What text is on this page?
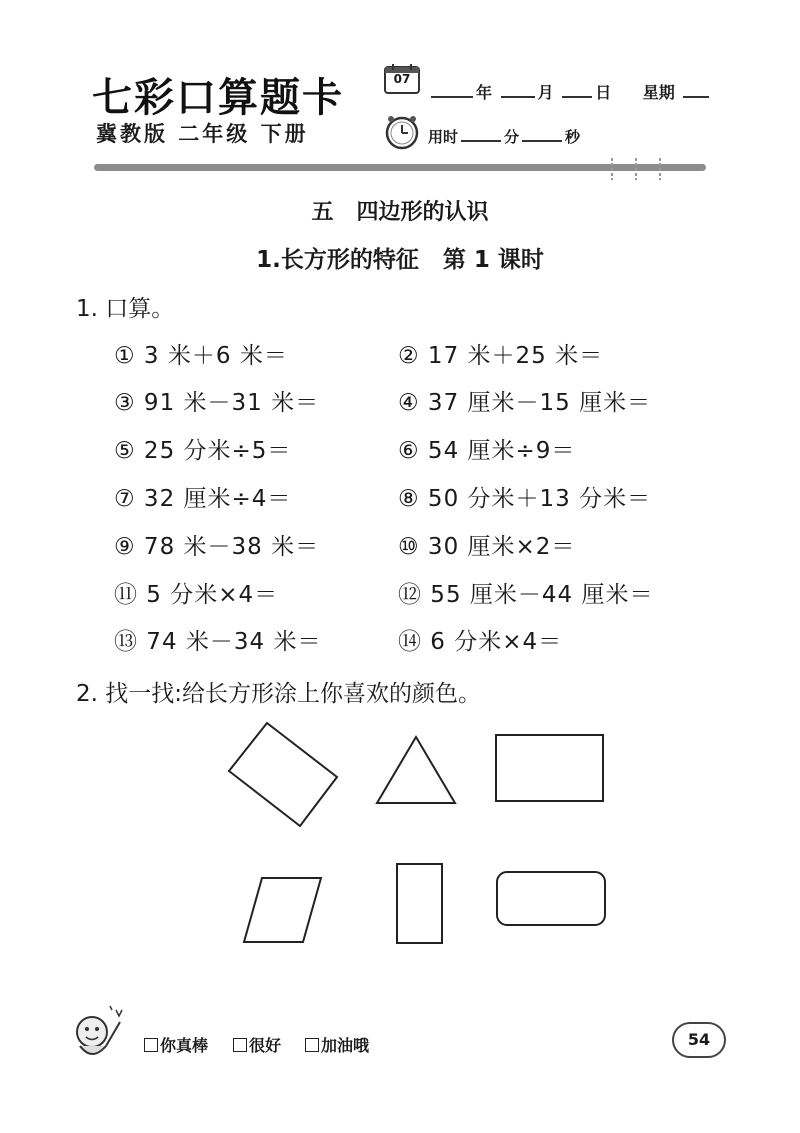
七彩口算题卡
冀教版 二年级 下册
07
年	月	日 星期
用时	分	秒
五   四边形的认识
1.长方形的特征   第 1 课时
1. 口算。
① 3 米＋6 米＝	② 17 米＋25 米＝
③ 91 米－31 米＝	④ 37 厘米－15 厘米＝
⑤ 25 分米÷5＝	⑥ 54 厘米÷9＝
⑦ 32 厘米÷4＝	⑧ 50 分米＋13 分米＝
⑨ 78 米－38 米＝	⑩ 30 厘米×2＝
⑪ 5 分米×4＝	⑫ 55 厘米－44 厘米＝
⑬ 74 米－34 米＝	⑭ 6 分米×4＝
2. 找一找:给长方形涂上你喜欢的颜色。
你真棒	很好	加油哦	54
